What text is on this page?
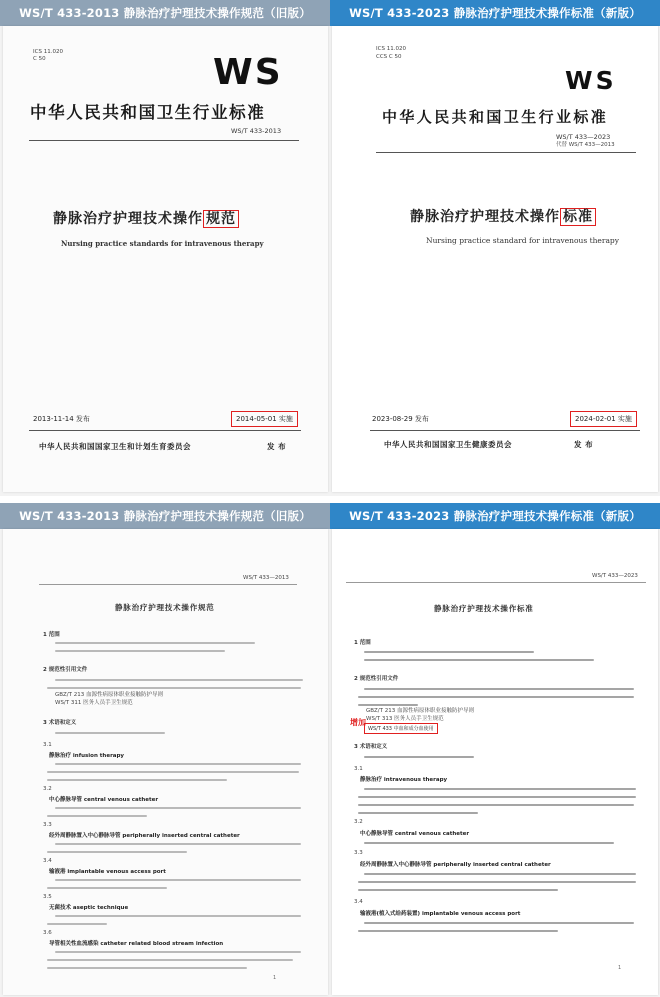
WS/T 433-2013 静脉治疗护理技术操作规范（旧版）
ICS 11.020
C 50	WS
中华人民共和国卫生行业标准
WS/T 433-2013
静脉治疗护理技术操作 规范
Nursing practice standards for intravenous therapy
2013-11-14 发布	2014-05-01 实施
中华人民共和国国家卫生和计划生育委员会	发 布
WS/T 433-2023 静脉治疗护理技术操作标准（新版）
ICS 11.020
CCS C 50
WS
中华人民共和国卫生行业标准
WS/T 433—2023
代替 WS/T 433—2013
静脉治疗护理技术操作 标准
Nursing practice standard for intravenous therapy
2023-08-29 发布	2024-02-01 实施
中华人民共和国国家卫生健康委员会	发 布
WS/T 433-2013 静脉治疗护理技术操作规范（旧版）
WS/T 433—2013
静脉治疗护理技术操作规范
1 范围
2 规范性引用文件
GBZ/T 213 血源性病原体职业接触防护导则
WS/T 311 医务人员手卫生规范
3 术语和定义
3.1
静脉治疗 infusion therapy
3.2
中心静脉导管 central venous catheter
3.3
经外周静脉置入中心静脉导管 peripherally inserted central catheter
3.4
输液港 implantable venous access port
3.5
无菌技术 aseptic technique
3.6
导管相关性血流感染 catheter related blood stream infection
1
WS/T 433-2023 静脉治疗护理技术操作标准（新版）
WS/T 433—2023
静脉治疗护理技术操作标准
1 范围
2 规范性引用文件
GBZ/T 213 血源性病原体职业接触防护导则
WS/T 313 医务人员手卫生规范
增加
WS/T 433 中血和成分血使用
3 术语和定义
3.1
静脉治疗 intravenous therapy
3.2
中心静脉导管 central venous catheter
3.3
经外周静脉置入中心静脉导管 peripherally inserted central catheter
3.4
输液港(植入式给药装置) implantable venous access port
1
